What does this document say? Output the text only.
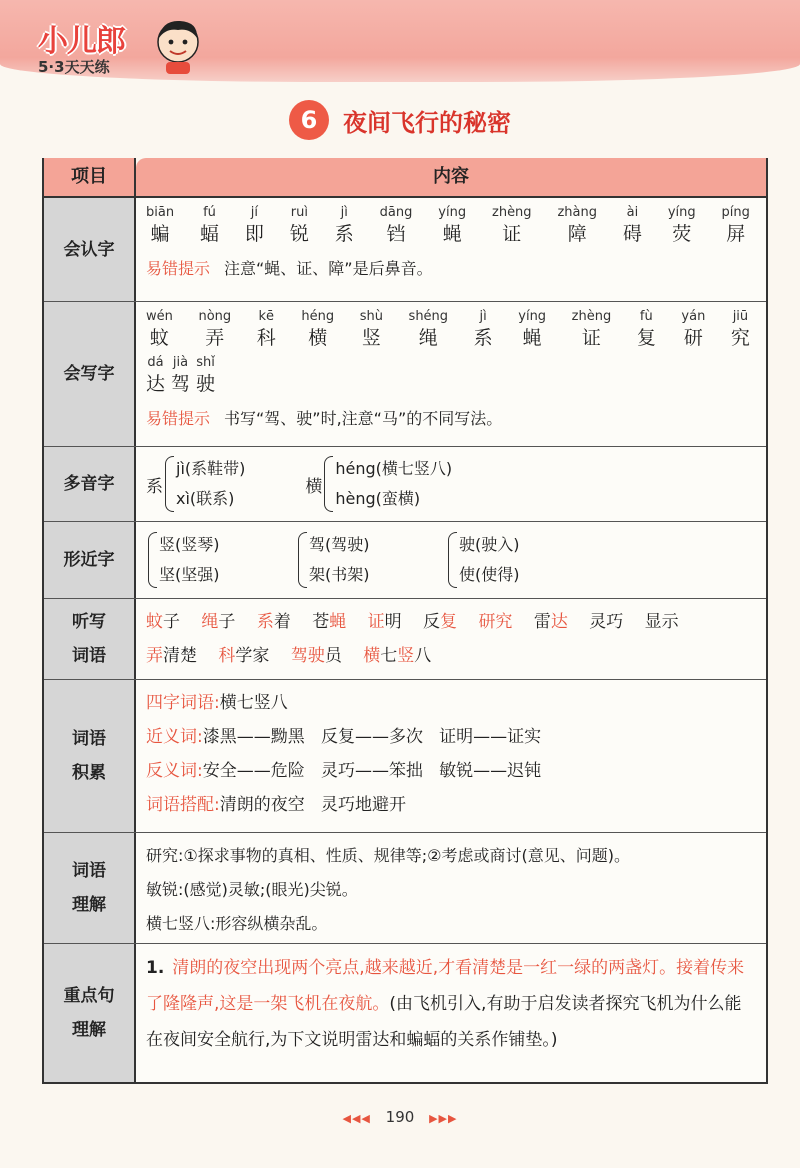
小儿郎
5·3天天练
6 夜间飞行的秘密
项目	内容
会认字
biān
蝙
fú
蝠
jí
即
ruì
锐
jì
系
dāng
铛
yíng
蝇
zhèng
证
zhàng
障
ài
碍
yíng
荧
píng
屏
易错提示 注意“蝇、证、障”是后鼻音。
会写字
wén
蚊
nòng
弄
kē
科
héng
横
shù
竖
shéng
绳
jì
系
yíng
蝇
zhèng
证
fù
复
yán
研
jiū
究
dá
达
jià
驾
shǐ
驶
易错提示 书写“驾、驶”时,注意“马”的不同写法。
多音字	系
jì(系鞋带)
xì(联系)
横
héng(横七竖八)
hèng(蛮横)
形近字
竖(竖琴)
坚(坚强)
驾(驾驶)
架(书架)
驶(驶入)
使(使得)
听写
词语
蚊子 绳子 系着 苍蝇 证明 反复 研究 雷达 灵巧 显示
弄清楚 科学家 驾驶员 横七竖八
词语
积累
四字词语:横七竖八
近义词:漆黑——黝黑   反复——多次   证明——证实
反义词:安全——危险   灵巧——笨拙   敏锐——迟钝
词语搭配:清朗的夜空   灵巧地避开
词语
理解
研究:①探求事物的真相、性质、规律等;②考虑或商讨(意见、问题)。
敏锐:(感觉)灵敏;(眼光)尖锐。
横七竖八:形容纵横杂乱。
重点句
理解
1. 清朗的夜空出现两个亮点,越来越近,才看清楚是一红一绿的两盏灯。接着传来了隆隆声,这是一架飞机在夜航。(由飞机引入,有助于启发读者探究飞机为什么能在夜间安全航行,为下文说明雷达和蝙蝠的关系作铺垫。)
◀◀◀ 190 ▶▶▶
